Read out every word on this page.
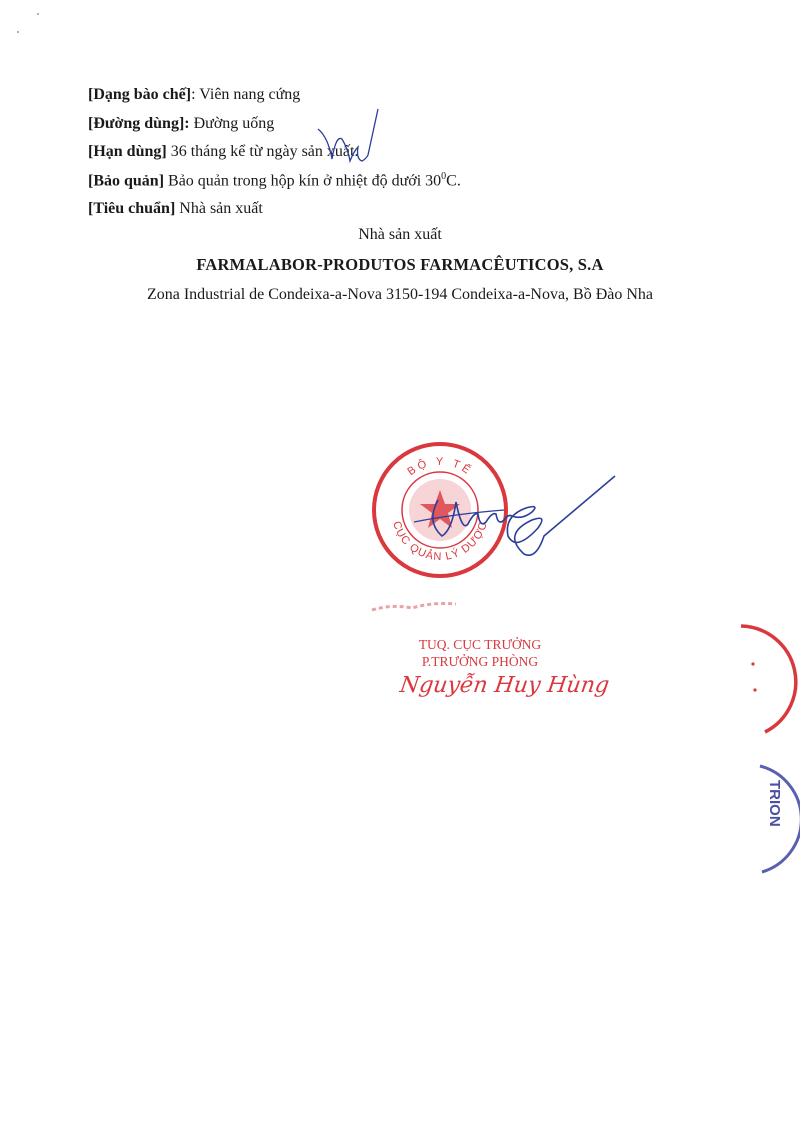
[Dạng bào chế]: Viên nang cứng
[Đường dùng]: Đường uống
[Hạn dùng] 36 tháng kể từ ngày sản xuất.
[Bảo quản] Bảo quản trong hộp kín ở nhiệt độ dưới $30^0C$.
[Tiêu chuẩn] Nhà sản xuất
Nhà sản xuất
FARMALABOR-PRODUTOS FARMACÊUTICOS, S.A
Zona Industrial de Condeixa-a-Nova 3150-194 Condeixa-a-Nova, Bồ Đào Nha
BỘ Y TẾ
CỤC QUẢN LÝ DƯỢC
TUQ. CỤC TRƯỞNG
P.TRƯỞNG PHÒNG
Nguyễn Huy Hùng
TRION
